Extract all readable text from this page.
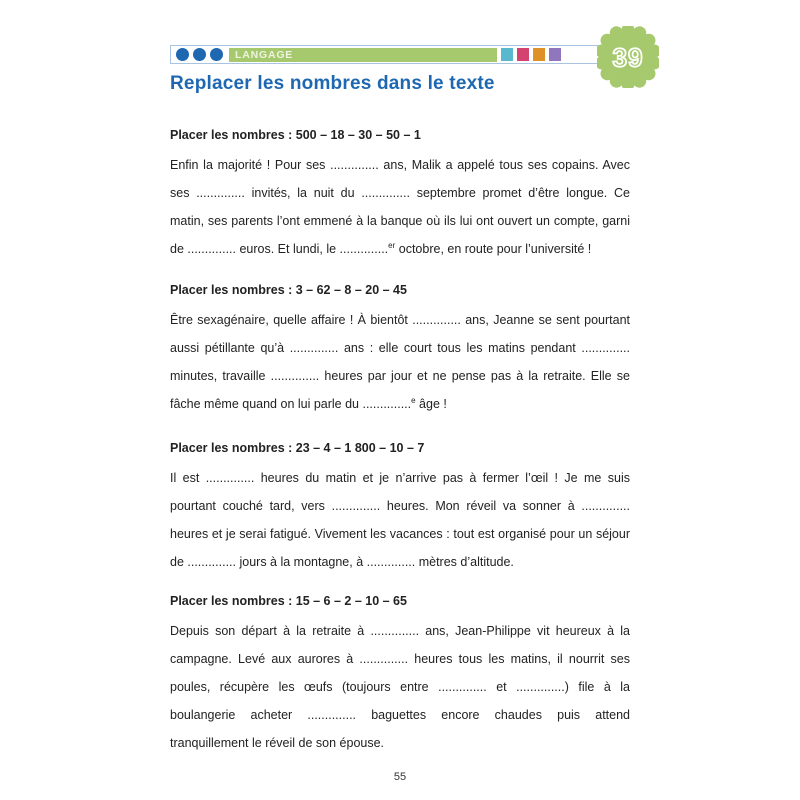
LANGAGE	39
Replacer les nombres dans le texte
Placer les nombres : 500 – 18 – 30 – 50 – 1

Enfin la majorité ! Pour ses .............. ans, Malik a appelé tous ses copains. Avec ses .............. invités, la nuit du .............. septembre promet d’être longue. Ce matin, ses parents l’ont emmené à la banque où ils lui ont ouvert un compte, garni de .............. euros. Et lundi, le ..............$^{er}$ octobre, en route pour l’université !

Placer les nombres : 3 – 62 – 8 – 20 – 45

Être sexagénaire, quelle affaire ! À bientôt .............. ans, Jeanne se sent pourtant aussi pétillante qu’à .............. ans : elle court tous les matins pendant .............. minutes, travaille .............. heures par jour et ne pense pas à la retraite. Elle se fâche même quand on lui parle du ..............$^e$ âge !

Placer les nombres : 23 – 4 – 1 800 – 10 – 7

Il est .............. heures du matin et je n’arrive pas à fermer l’œil ! Je me suis pourtant couché tard, vers .............. heures. Mon réveil va sonner à .............. heures et je serai fatigué. Vivement les vacances : tout est organisé pour un séjour de .............. jours à la montagne, à .............. mètres d’altitude.

Placer les nombres : 15 – 6 – 2 – 10 – 65

Depuis son départ à la retraite à .............. ans, Jean-Philippe vit heureux à la campagne. Levé aux aurores à .............. heures tous les matins, il nourrit ses poules, récupère les œufs (toujours entre .............. et ..............) file à la boulangerie acheter .............. baguettes encore chaudes puis attend tranquillement le réveil de son épouse.

55
